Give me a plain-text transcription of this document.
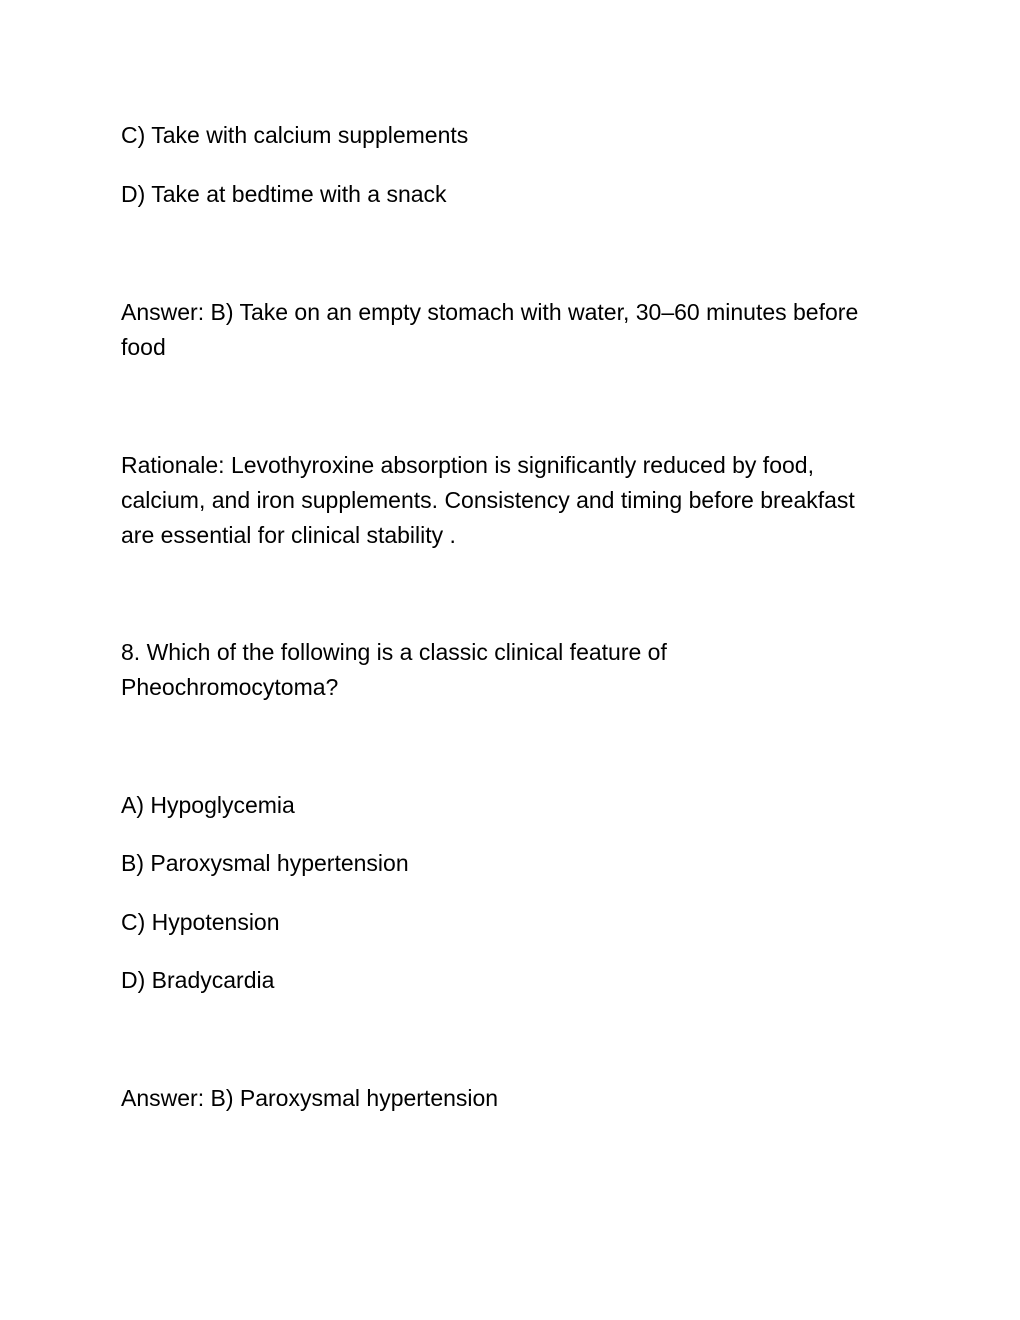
C) Take with calcium supplements

D) Take at bedtime with a snack

Answer: B) Take on an empty stomach with water, 30–60 minutes before food

Rationale: Levothyroxine absorption is significantly reduced by food, calcium, and iron supplements. Consistency and timing before breakfast are essential for clinical stability .

8. Which of the following is a classic clinical feature of Pheochromocytoma?

A) Hypoglycemia

B) Paroxysmal hypertension

C) Hypotension

D) Bradycardia

Answer: B) Paroxysmal hypertension
